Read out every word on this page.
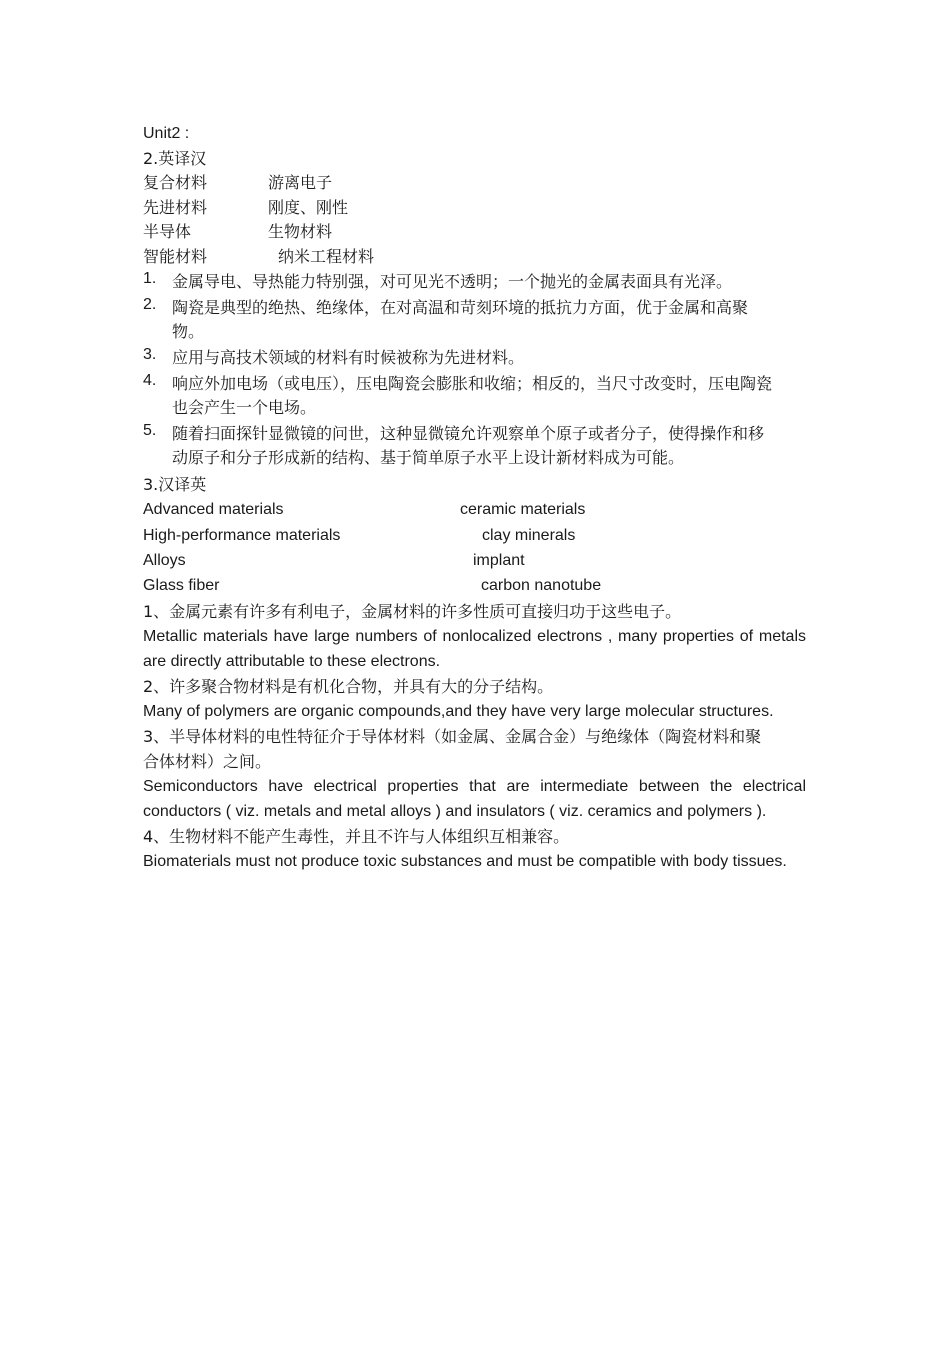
Unit2 :
2.英译汉
复合材料	游离电子
先进材料	刚度、刚性
半导体	生物材料
智能材料	纳米工程材料
1. 金属导电、导热能力特别强，对可见光不透明；一个抛光的金属表面具有光泽。
2. 陶瓷是典型的绝热、绝缘体，在对高温和苛刻环境的抵抗力方面，优于金属和高聚物。
3. 应用与高技术领域的材料有时候被称为先进材料。
4. 响应外加电场（或电压），压电陶瓷会膨胀和收缩；相反的，当尺寸改变时，压电陶瓷也会产生一个电场。
5. 随着扫面探针显微镜的问世，这种显微镜允许观察单个原子或者分子，使得操作和移动原子和分子形成新的结构、基于简单原子水平上设计新材料成为可能。
3.汉译英
Advanced materials	ceramic materials
High-performance materials	clay minerals
Alloys	implant
Glass fiber	carbon nanotube
1、金属元素有许多有利电子，金属材料的许多性质可直接归功于这些电子。
Metallic materials have large numbers of nonlocalized electrons , many properties of metals are directly attributable to these electrons.
2、许多聚合物材料是有机化合物，并具有大的分子结构。
Many of polymers are organic compounds,and they have very large molecular structures.
3、半导体材料的电性特征介于导体材料（如金属、金属合金）与绝缘体（陶瓷材料和聚合体材料）之间。
Semiconductors have electrical properties that are intermediate between the electrical conductors ( viz. metals and metal alloys ) and insulators ( viz. ceramics and polymers ).
4、生物材料不能产生毒性，并且不许与人体组织互相兼容。
Biomaterials must not produce toxic substances and must be compatible with body tissues.
